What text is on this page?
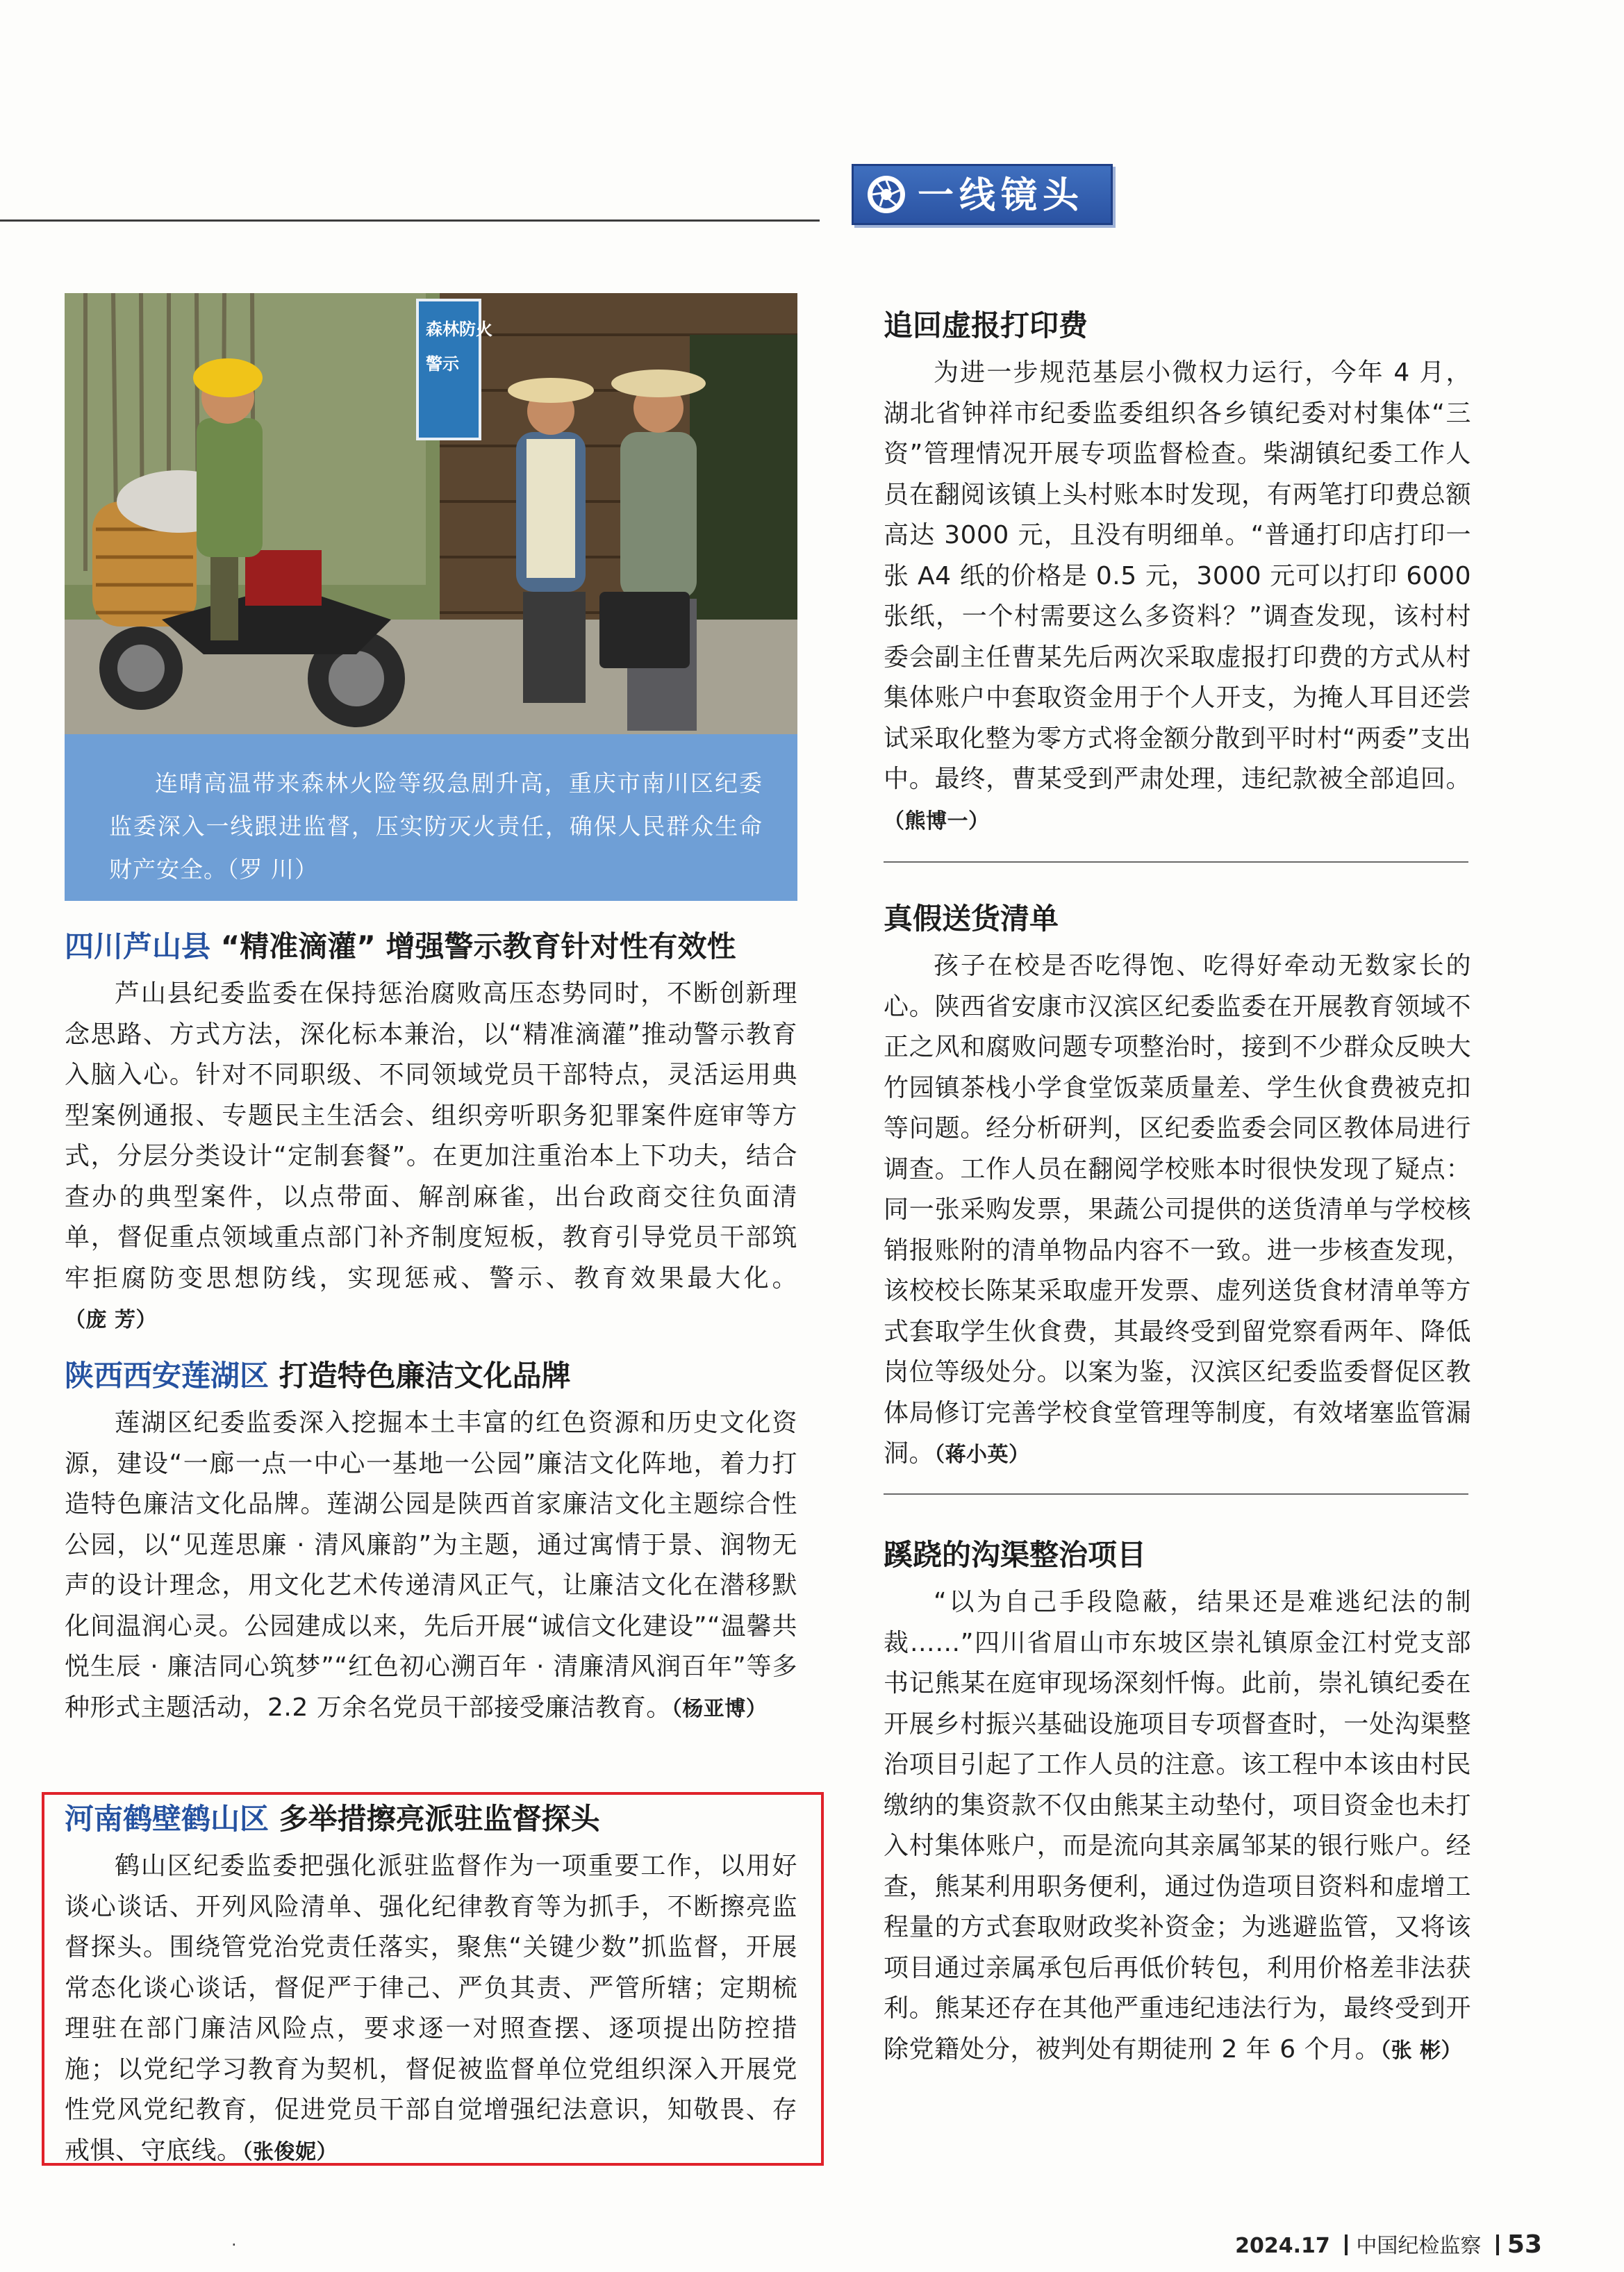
一线镜头
森林防火
警示

连晴高温带来森林火险等级急剧升高，重庆市南川区纪委监委深入一线跟进监督，压实防灭火责任，确保人民群众生命财产安全。（罗 川）

四川芦山县 “精准滴灌” 增强警示教育针对性有效性

芦山县纪委监委在保持惩治腐败高压态势同时，不断创新理念思路、方式方法，深化标本兼治，以“精准滴灌”推动警示教育入脑入心。针对不同职级、不同领域党员干部特点，灵活运用典型案例通报、专题民主生活会、组织旁听职务犯罪案件庭审等方式，分层分类设计“定制套餐”。在更加注重治本上下功夫，结合查办的典型案件，以点带面、解剖麻雀，出台政商交往负面清单，督促重点领域重点部门补齐制度短板，教育引导党员干部筑牢拒腐防变思想防线，实现惩戒、警示、教育效果最大化。（庞 芳）

陕西西安莲湖区 打造特色廉洁文化品牌

莲湖区纪委监委深入挖掘本土丰富的红色资源和历史文化资源，建设“一廊一点一中心一基地一公园”廉洁文化阵地，着力打造特色廉洁文化品牌。莲湖公园是陕西首家廉洁文化主题综合性公园，以“见莲思廉 · 清风廉韵”为主题，通过寓情于景、润物无声的设计理念，用文化艺术传递清风正气，让廉洁文化在潜移默化间温润心灵。公园建成以来，先后开展“诚信文化建设”“温馨共悦生辰 · 廉洁同心筑梦”“红色初心溯百年 · 清廉清风润百年”等多种形式主题活动，2.2 万余名党员干部接受廉洁教育。（杨亚博）

河南鹤壁鹤山区 多举措擦亮派驻监督探头

鹤山区纪委监委把强化派驻监督作为一项重要工作，以用好谈心谈话、开列风险清单、强化纪律教育等为抓手，不断擦亮监督探头。围绕管党治党责任落实，聚焦“关键少数”抓监督，开展常态化谈心谈话，督促严于律己、严负其责、严管所辖；定期梳理驻在部门廉洁风险点，要求逐一对照查摆、逐项提出防控措施；以党纪学习教育为契机，督促被监督单位党组织深入开展党性党风党纪教育，促进党员干部自觉增强纪法意识，知敬畏、存戒惧、守底线。（张俊妮）

追回虚报打印费

为进一步规范基层小微权力运行，今年 4 月，湖北省钟祥市纪委监委组织各乡镇纪委对村集体“三资”管理情况开展专项监督检查。柴湖镇纪委工作人员在翻阅该镇上头村账本时发现，有两笔打印费总额高达 3000 元，且没有明细单。“普通打印店打印一张 A4 纸的价格是 0.5 元，3000 元可以打印 6000 张纸，一个村需要这么多资料？”调查发现，该村村委会副主任曹某先后两次采取虚报打印费的方式从村集体账户中套取资金用于个人开支，为掩人耳目还尝试采取化整为零方式将金额分散到平时村“两委”支出中。最终，曹某受到严肃处理，违纪款被全部追回。（熊博一）

真假送货清单

孩子在校是否吃得饱、吃得好牵动无数家长的心。陕西省安康市汉滨区纪委监委在开展教育领域不正之风和腐败问题专项整治时，接到不少群众反映大竹园镇茶栈小学食堂饭菜质量差、学生伙食费被克扣等问题。经分析研判，区纪委监委会同区教体局进行调查。工作人员在翻阅学校账本时很快发现了疑点：同一张采购发票，果蔬公司提供的送货清单与学校核销报账附的清单物品内容不一致。进一步核查发现，该校校长陈某采取虚开发票、虚列送货食材清单等方式套取学生伙食费，其最终受到留党察看两年、降低岗位等级处分。以案为鉴，汉滨区纪委监委督促区教体局修订完善学校食堂管理等制度，有效堵塞监管漏洞。（蒋小英）

蹊跷的沟渠整治项目

“以为自己手段隐蔽，结果还是难逃纪法的制裁……”四川省眉山市东坡区崇礼镇原金江村党支部书记熊某在庭审现场深刻忏悔。此前，崇礼镇纪委在开展乡村振兴基础设施项目专项督查时，一处沟渠整治项目引起了工作人员的注意。该工程中本该由村民缴纳的集资款不仅由熊某主动垫付，项目资金也未打入村集体账户，而是流向其亲属邹某的银行账户。经查，熊某利用职务便利，通过伪造项目资料和虚增工程量的方式套取财政奖补资金；为逃避监管，又将该项目通过亲属承包后再低价转包，利用价格差非法获利。熊某还存在其他严重违纪违法行为，最终受到开除党籍处分，被判处有期徒刑 2 年 6 个月。（张 彬）

·	2024.17 中国纪检监察 53
